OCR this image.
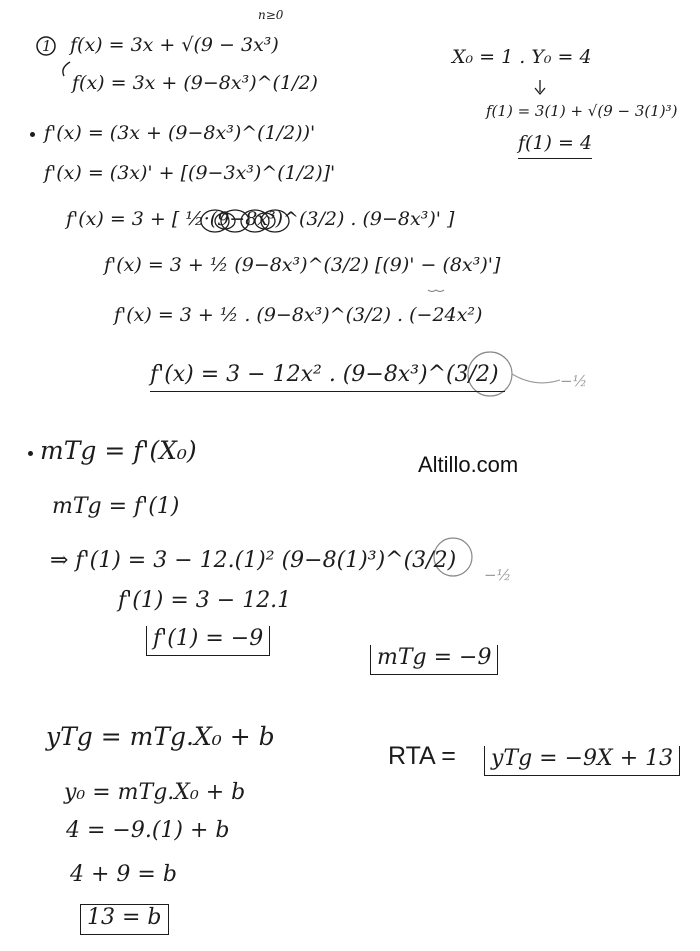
1
n≥0
f(x) = 3x + √(9 − 3x³)
f(x) = 3x + (9−8x³)^(1/2)
X₀ = 1 . Y₀ = 4
f(1) = 3(1) + √(9 − 3(1)³)
f(1) = 4
f'(x) = (3x + (9−8x³)^(1/2))'
f'(x) = (3x)' + [(9−3x³)^(1/2)]'
f'(x) = 3 + [ ½·(9−8x³)^(3/2) . (9−8x³)' ]
f'(x) = 3 + ½ (9−8x³)^(3/2) [(9)' − (8x³)']
f'(x) = 3 + ½ . (9−8x³)^(3/2) . (−24x²)
f'(x) = 3 − 12x² . (9−8x³)^(3/2)	−½
Altillo.com
mTg = f'(X₀)
mTg = f'(1)
⇒ f'(1) = 3 − 12.(1)² (9−8(1)³)^(3/2)
−½
f'(1) = 3 − 12.1
f'(1) = −9
mTg = −9
yTg = mTg.X₀ + b
y₀ = mTg.X₀ + b
4 = −9.(1) + b
4 + 9 = b
13 = b
RTA =	yTg = −9X + 13
